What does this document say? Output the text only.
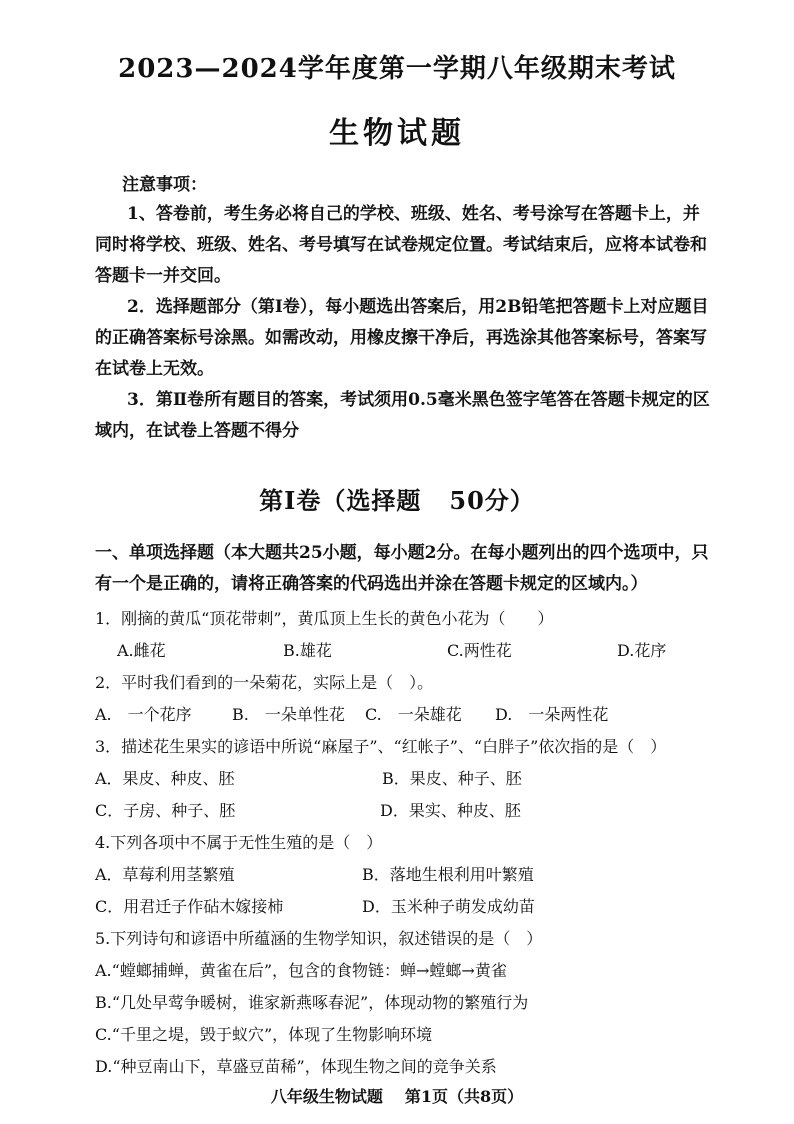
2023—2024学年度第一学期八年级期末考试
生物试题
注意事项：

1、答卷前，考生务必将自己的学校、班级、姓名、考号涂写在答题卡上，并同时将学校、班级、姓名、考号填写在试卷规定位置。考试结束后，应将本试卷和答题卡一并交回。

2．选择题部分（第Ⅰ卷），每小题选出答案后，用2B铅笔把答题卡上对应题目的正确答案标号涂黑。如需改动，用橡皮擦干净后，再选涂其他答案标号，答案写在试卷上无效。

3．第Ⅱ卷所有题目的答案，考试须用0.5毫米黑色签字笔答在答题卡规定的区域内，在试卷上答题不得分

第Ⅰ卷（选择题 50分）
一、单项选择题（本大题共25小题，每小题2分。在每小题列出的四个选项中，只有一个是正确的，请将正确答案的代码选出并涂在答题卡规定的区域内。）
1．刚摘的黄瓜“顶花带刺”，黄瓜顶上生长的黄色小花为（　　）
A.雌花	B.雄花	C.两性花	D.花序
2．平时我们看到的一朵菊花，实际上是（　）。
A.　一个花序	B.　一朵单性花 C.　一朵雄花 D.　一朵两性花
3．描述花生果实的谚语中所说“麻屋子”、“红帐子”、“白胖子”依次指的是（　）
A．果皮、种皮、胚	B．果皮、种子、胚
C．子房、种子、胚	D．果实、种皮、胚
4.下列各项中不属于无性生殖的是（　）
A．草莓利用茎繁殖	B．落地生根利用叶繁殖
C．用君迁子作砧木嫁接柿	D．玉米种子萌发成幼苗
5.下列诗句和谚语中所蕴涵的生物学知识，叙述错误的是（　）
A.“螳螂捕蝉，黄雀在后”，包含的食物链：蝉→螳螂→黄雀
B.“几处早莺争暖树，谁家新燕啄春泥”，体现动物的繁殖行为
C.“千里之堤，毁于蚁穴”，体现了生物影响环境
D.“种豆南山下，草盛豆苗稀”，体现生物之间的竞争关系
八年级生物试题 第1页（共8页）
